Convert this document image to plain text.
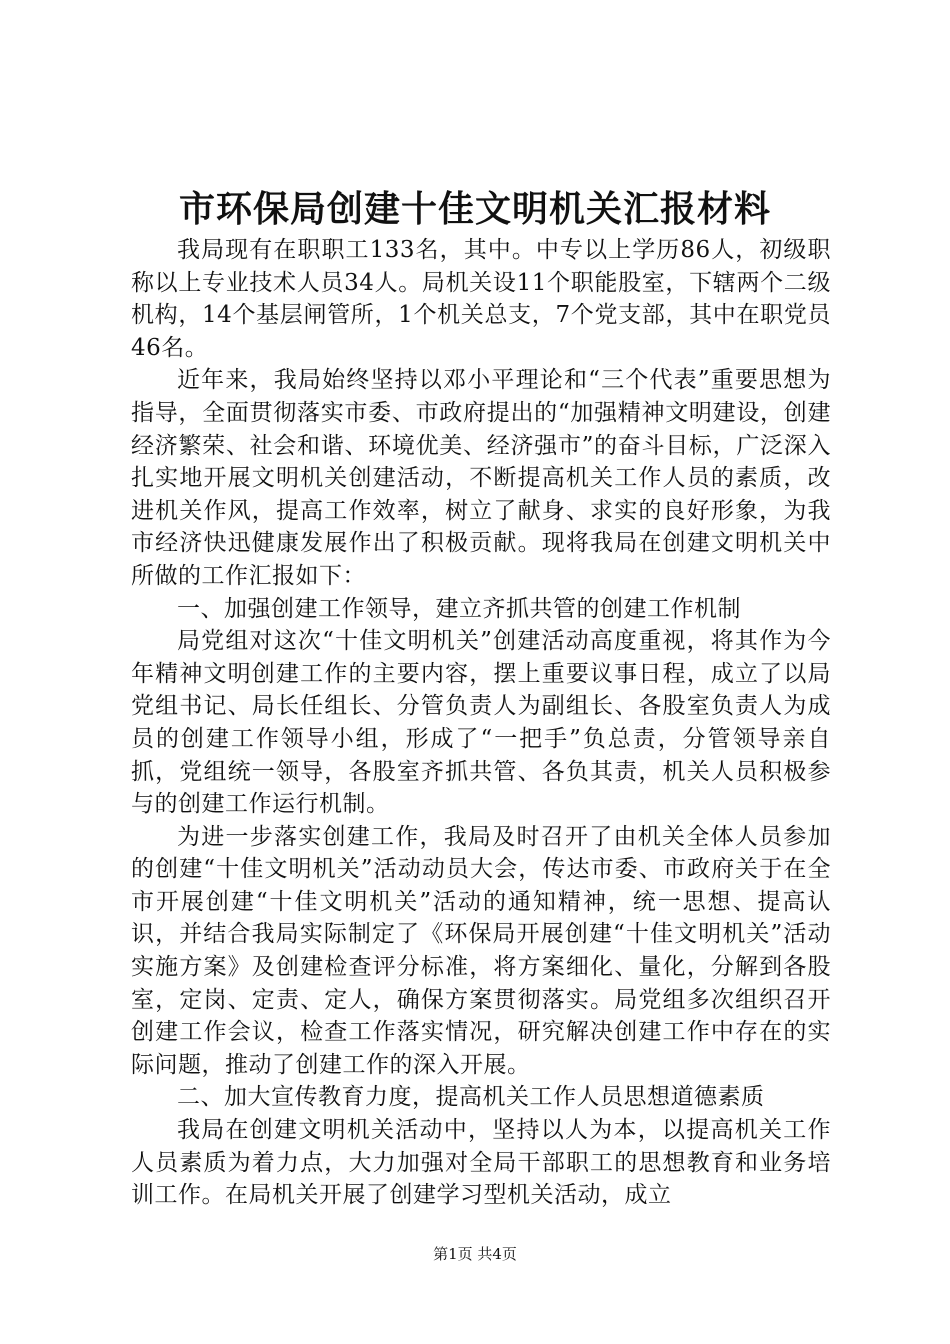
市环保局创建十佳文明机关汇报材料

我局现有在职职工133名，其中。中专以上学历86人，初级职称以上专业技术人员34人。局机关设11个职能股室，下辖两个二级机构，14个基层闸管所，1个机关总支，7个党支部，其中在职党员46名。

近年来，我局始终坚持以邓小平理论和“三个代表”重要思想为指导，全面贯彻落实市委、市政府提出的“加强精神文明建设，创建经济繁荣、社会和谐、环境优美、经济强市”的奋斗目标，广泛深入扎实地开展文明机关创建活动，不断提高机关工作人员的素质，改进机关作风，提高工作效率，树立了献身、求实的良好形象，为我市经济快迅健康发展作出了积极贡献。现将我局在创建文明机关中所做的工作汇报如下：

一、加强创建工作领导，建立齐抓共管的创建工作机制

局党组对这次“十佳文明机关”创建活动高度重视，将其作为今年精神文明创建工作的主要内容，摆上重要议事日程，成立了以局党组书记、局长任组长、分管负责人为副组长、各股室负责人为成员的创建工作领导小组，形成了“一把手”负总责，分管领导亲自抓，党组统一领导，各股室齐抓共管、各负其责，机关人员积极参与的创建工作运行机制。

为进一步落实创建工作，我局及时召开了由机关全体人员参加的创建“十佳文明机关”活动动员大会，传达市委、市政府关于在全市开展创建“十佳文明机关”活动的通知精神，统一思想、提高认识，并结合我局实际制定了《环保局开展创建“十佳文明机关”活动实施方案》及创建检查评分标准，将方案细化、量化，分解到各股室，定岗、定责、定人，确保方案贯彻落实。局党组多次组织召开创建工作会议，检查工作落实情况，研究解决创建工作中存在的实际问题，推动了创建工作的深入开展。

二、加大宣传教育力度，提高机关工作人员思想道德素质

我局在创建文明机关活动中，坚持以人为本，以提高机关工作人员素质为着力点，大力加强对全局干部职工的思想教育和业务培训工作。在局机关开展了创建学习型机关活动，成立

第1页 共4页
